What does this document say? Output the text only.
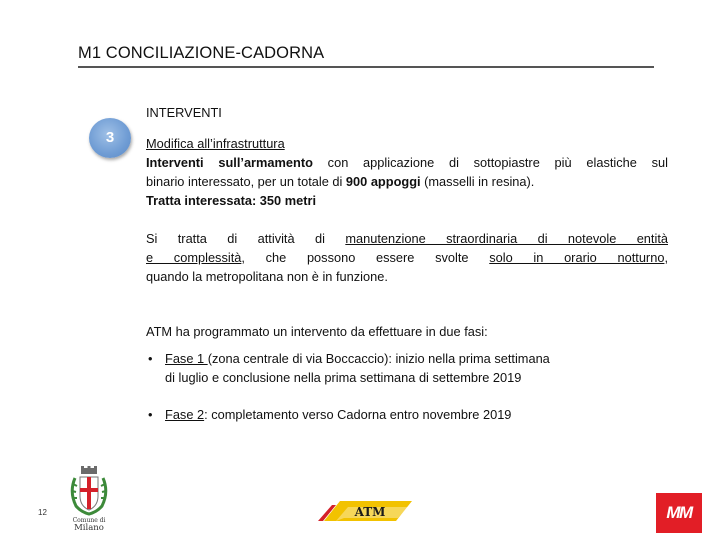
M1 CONCILIAZIONE-CADORNA
3
INTERVENTI
Modifica all’infrastruttura
Interventi sull’armamento con applicazione di sottopiastre più elastiche sul
binario interessato, per un totale di 900 appoggi (masselli in resina).
Tratta interessata: 350 metri
Si tratta di attività di manutenzione straordinaria di notevole entità
e complessità, che possono essere svolte solo in orario notturno,
quando la metropolitana non è in funzione.
ATM ha programmato un intervento da effettuare in due fasi:
• Fase 1 (zona centrale di via Boccaccio): inizio nella prima settimana
di luglio e conclusione nella prima settimana di settembre 2019
• Fase 2: completamento verso Cadorna entro novembre 2019
12
Comune di
Milano
ATM	MM
